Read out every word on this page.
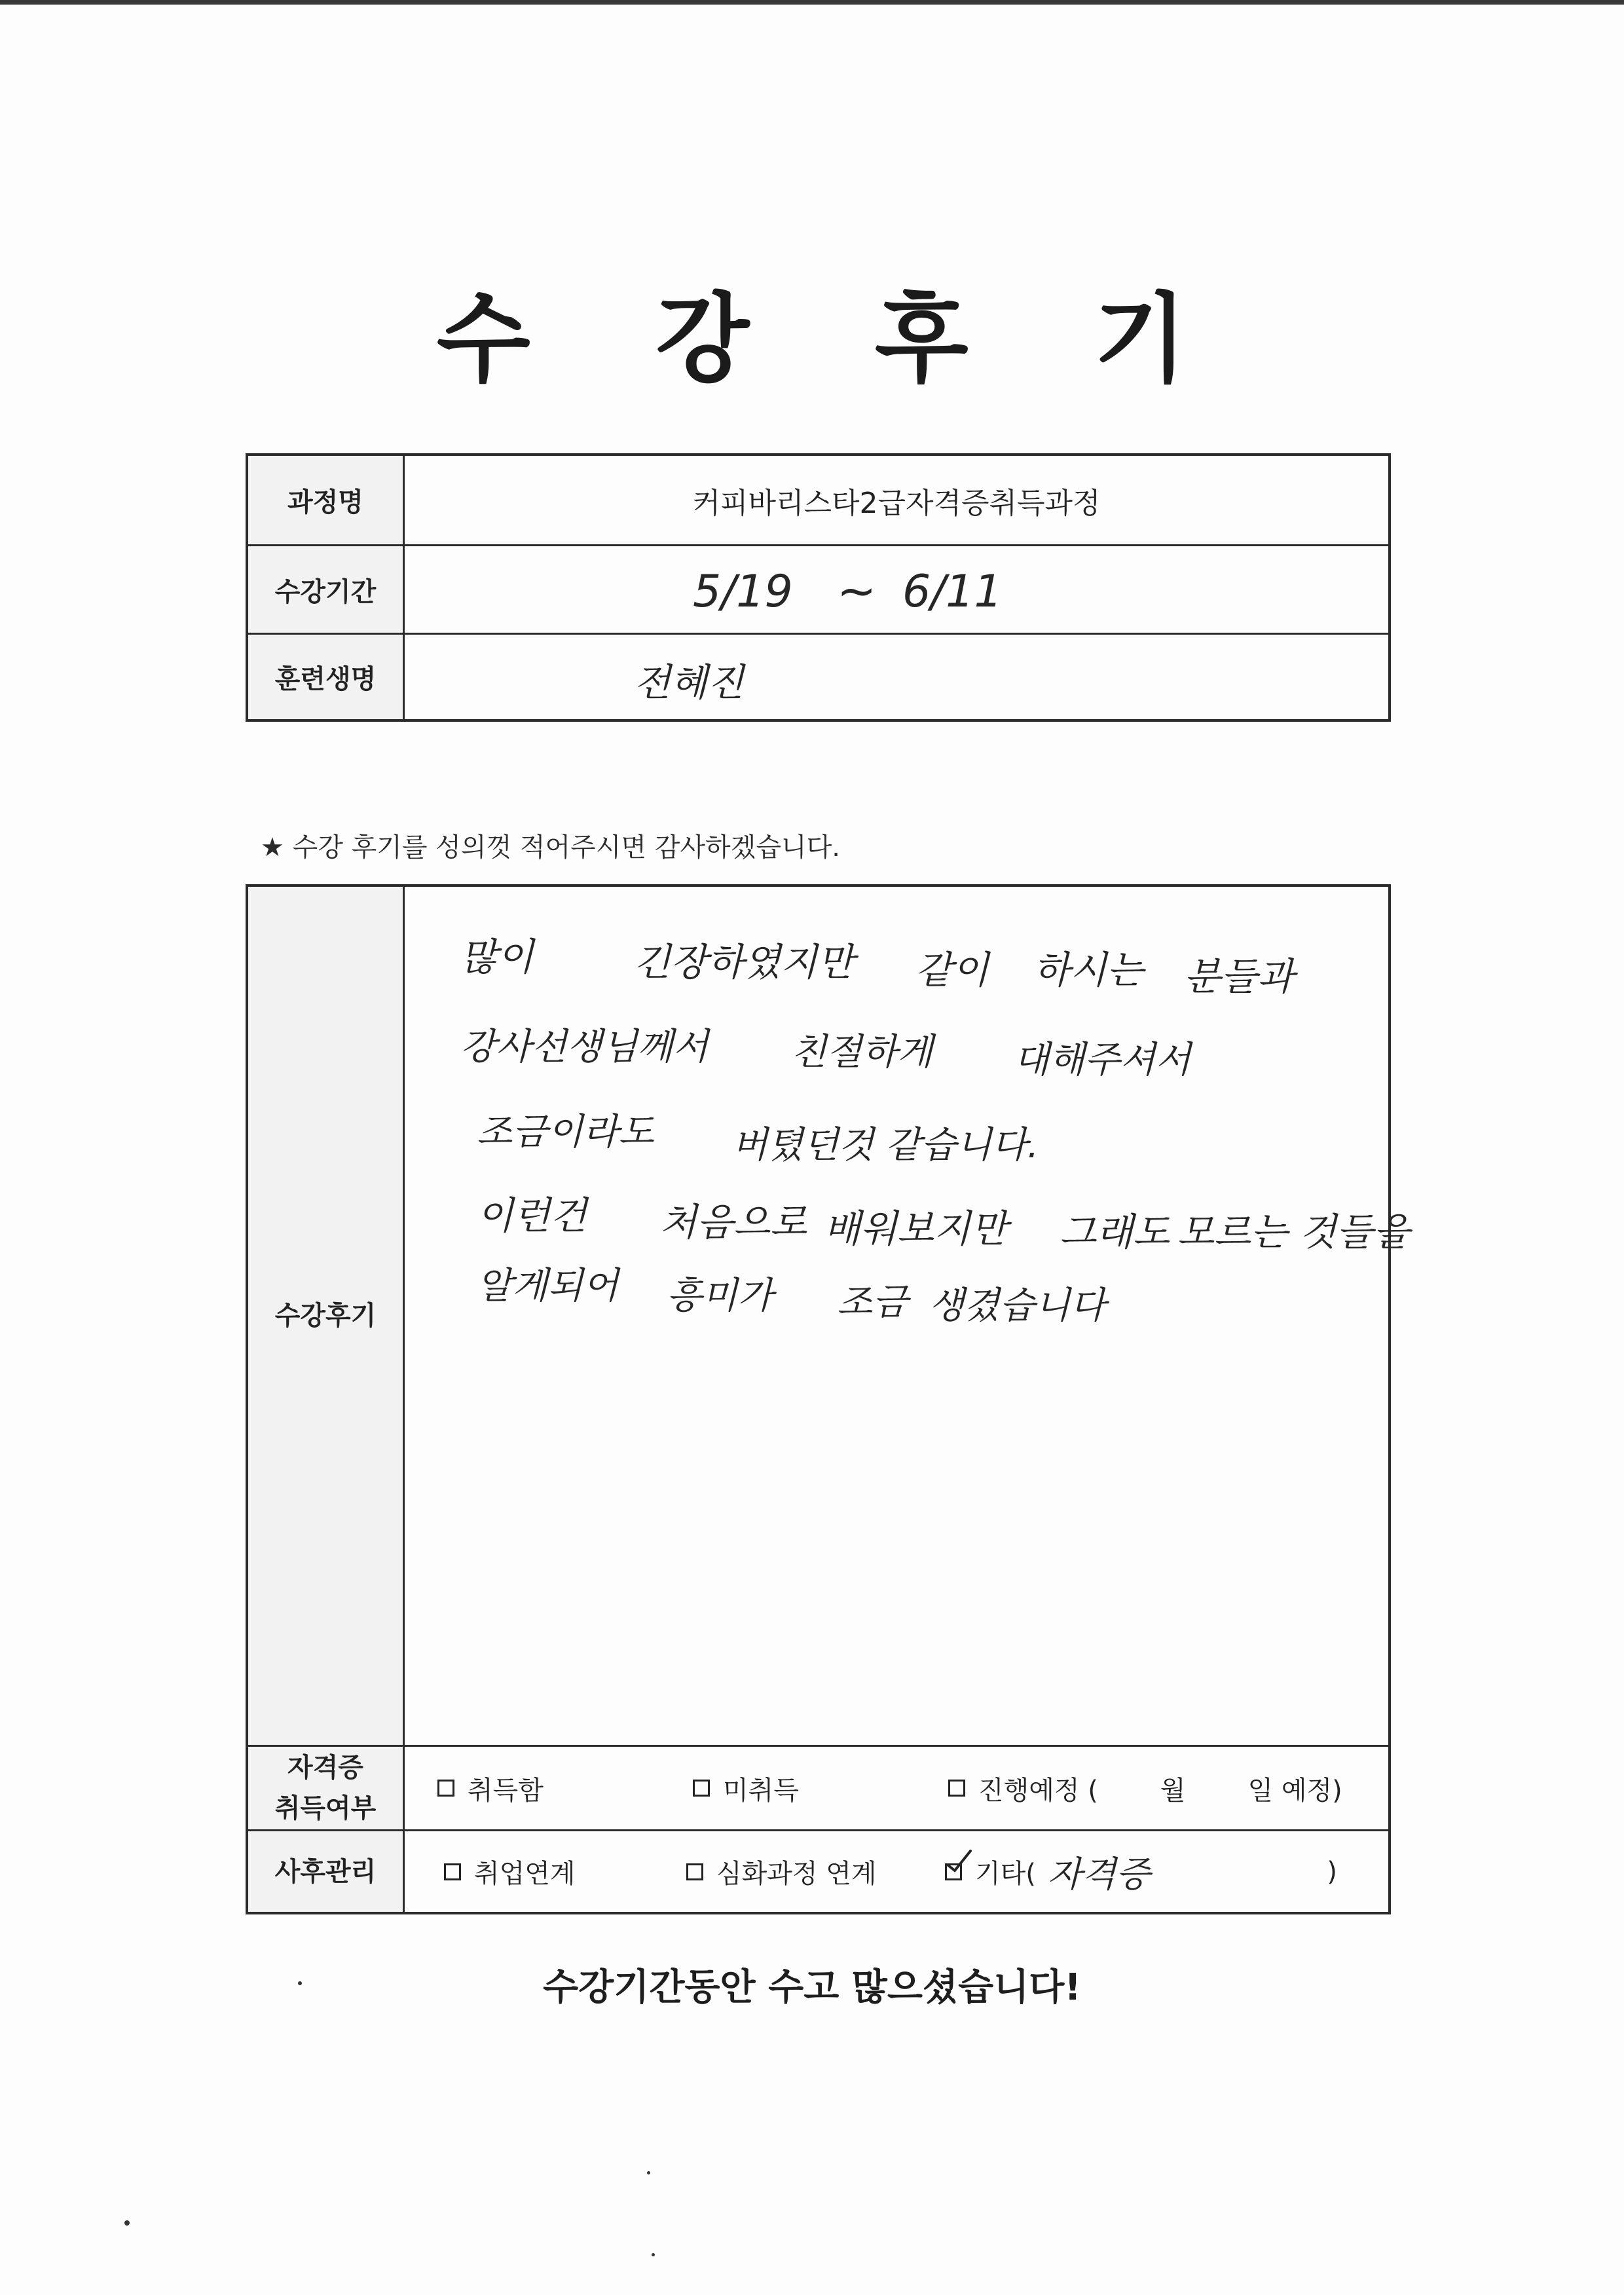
수 강 후 기
과정명	커피바리스타2급자격증취득과정
수강기간	5/19 ~ 6/11
훈련생명	전혜진
★ 수강 후기를 성의껏 적어주시면 감사하겠습니다.
수강후기
많이	긴장하였지만 같이 하시는 분들과
강사선생님께서 친절하게 대해주셔서
조금이라도 버텼던것 같습니다.
이런건 처음으로 배워보지만 그래도 모르는 것들을
알게되어 흥미가 조금 생겼습니다
자격증
취득여부
취득함	미취득	진행예정 ( 월 일 예정)
사후관리	취업연계	심화과정 연계	기타( 자격증	)
수강기간동안 수고 많으셨습니다!
